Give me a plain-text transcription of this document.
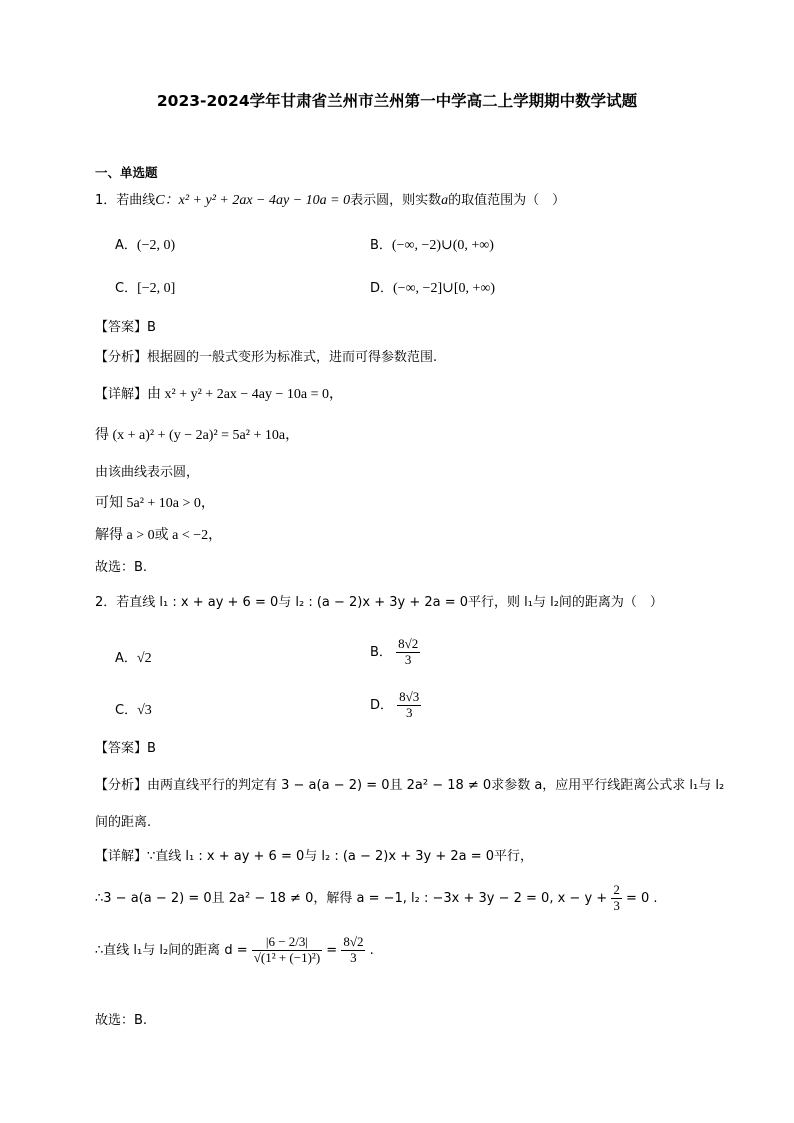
2023-2024学年甘肃省兰州市兰州第一中学高二上学期期中数学试题
一、单选题
1．若曲线C：x² + y² + 2ax − 4ay − 10a = 0表示圆，则实数a的取值范围为（　）
A．(−2, 0)	B．(−∞, −2)∪(0, +∞)
C．[−2, 0]	D．(−∞, −2]∪[0, +∞)
【答案】B
【分析】根据圆的一般式变形为标准式，进而可得参数范围.
【详解】由 x² + y² + 2ax − 4ay − 10a = 0，
得 (x + a)² + (y − 2a)² = 5a² + 10a，
由该曲线表示圆，
可知 5a² + 10a > 0，
解得 a > 0或 a < −2，
故选：B.
2．若直线 l₁ : x + ay + 6 = 0与 l₂ : (a − 2)x + 3y + 2a = 0平行，则 l₁与 l₂间的距离为（　）
A．√2	B． $\frac{8√2}{3}$
C．√3	D． $\frac{8√3}{3}$
【答案】B
【分析】由两直线平行的判定有 3 − a(a − 2) = 0且 2a² − 18 ≠ 0求参数 a，应用平行线距离公式求 l₁与 l₂
间的距离.
【详解】∵直线 l₁ : x + ay + 6 = 0与 l₂ : (a − 2)x + 3y + 2a = 0平行，
∴3 − a(a − 2) = 0且 2a² − 18 ≠ 0，解得 a = −1, l₂ : −3x + 3y − 2 = 0, $x - y + \frac{2}{3} = 0$ .
∴直线 l₁与 l₂间的距离 $d = \frac{|6 - 2/3|}{\text{√(1² + (−1)²)}} = \frac{8√2}{3}$ .
故选：B.
